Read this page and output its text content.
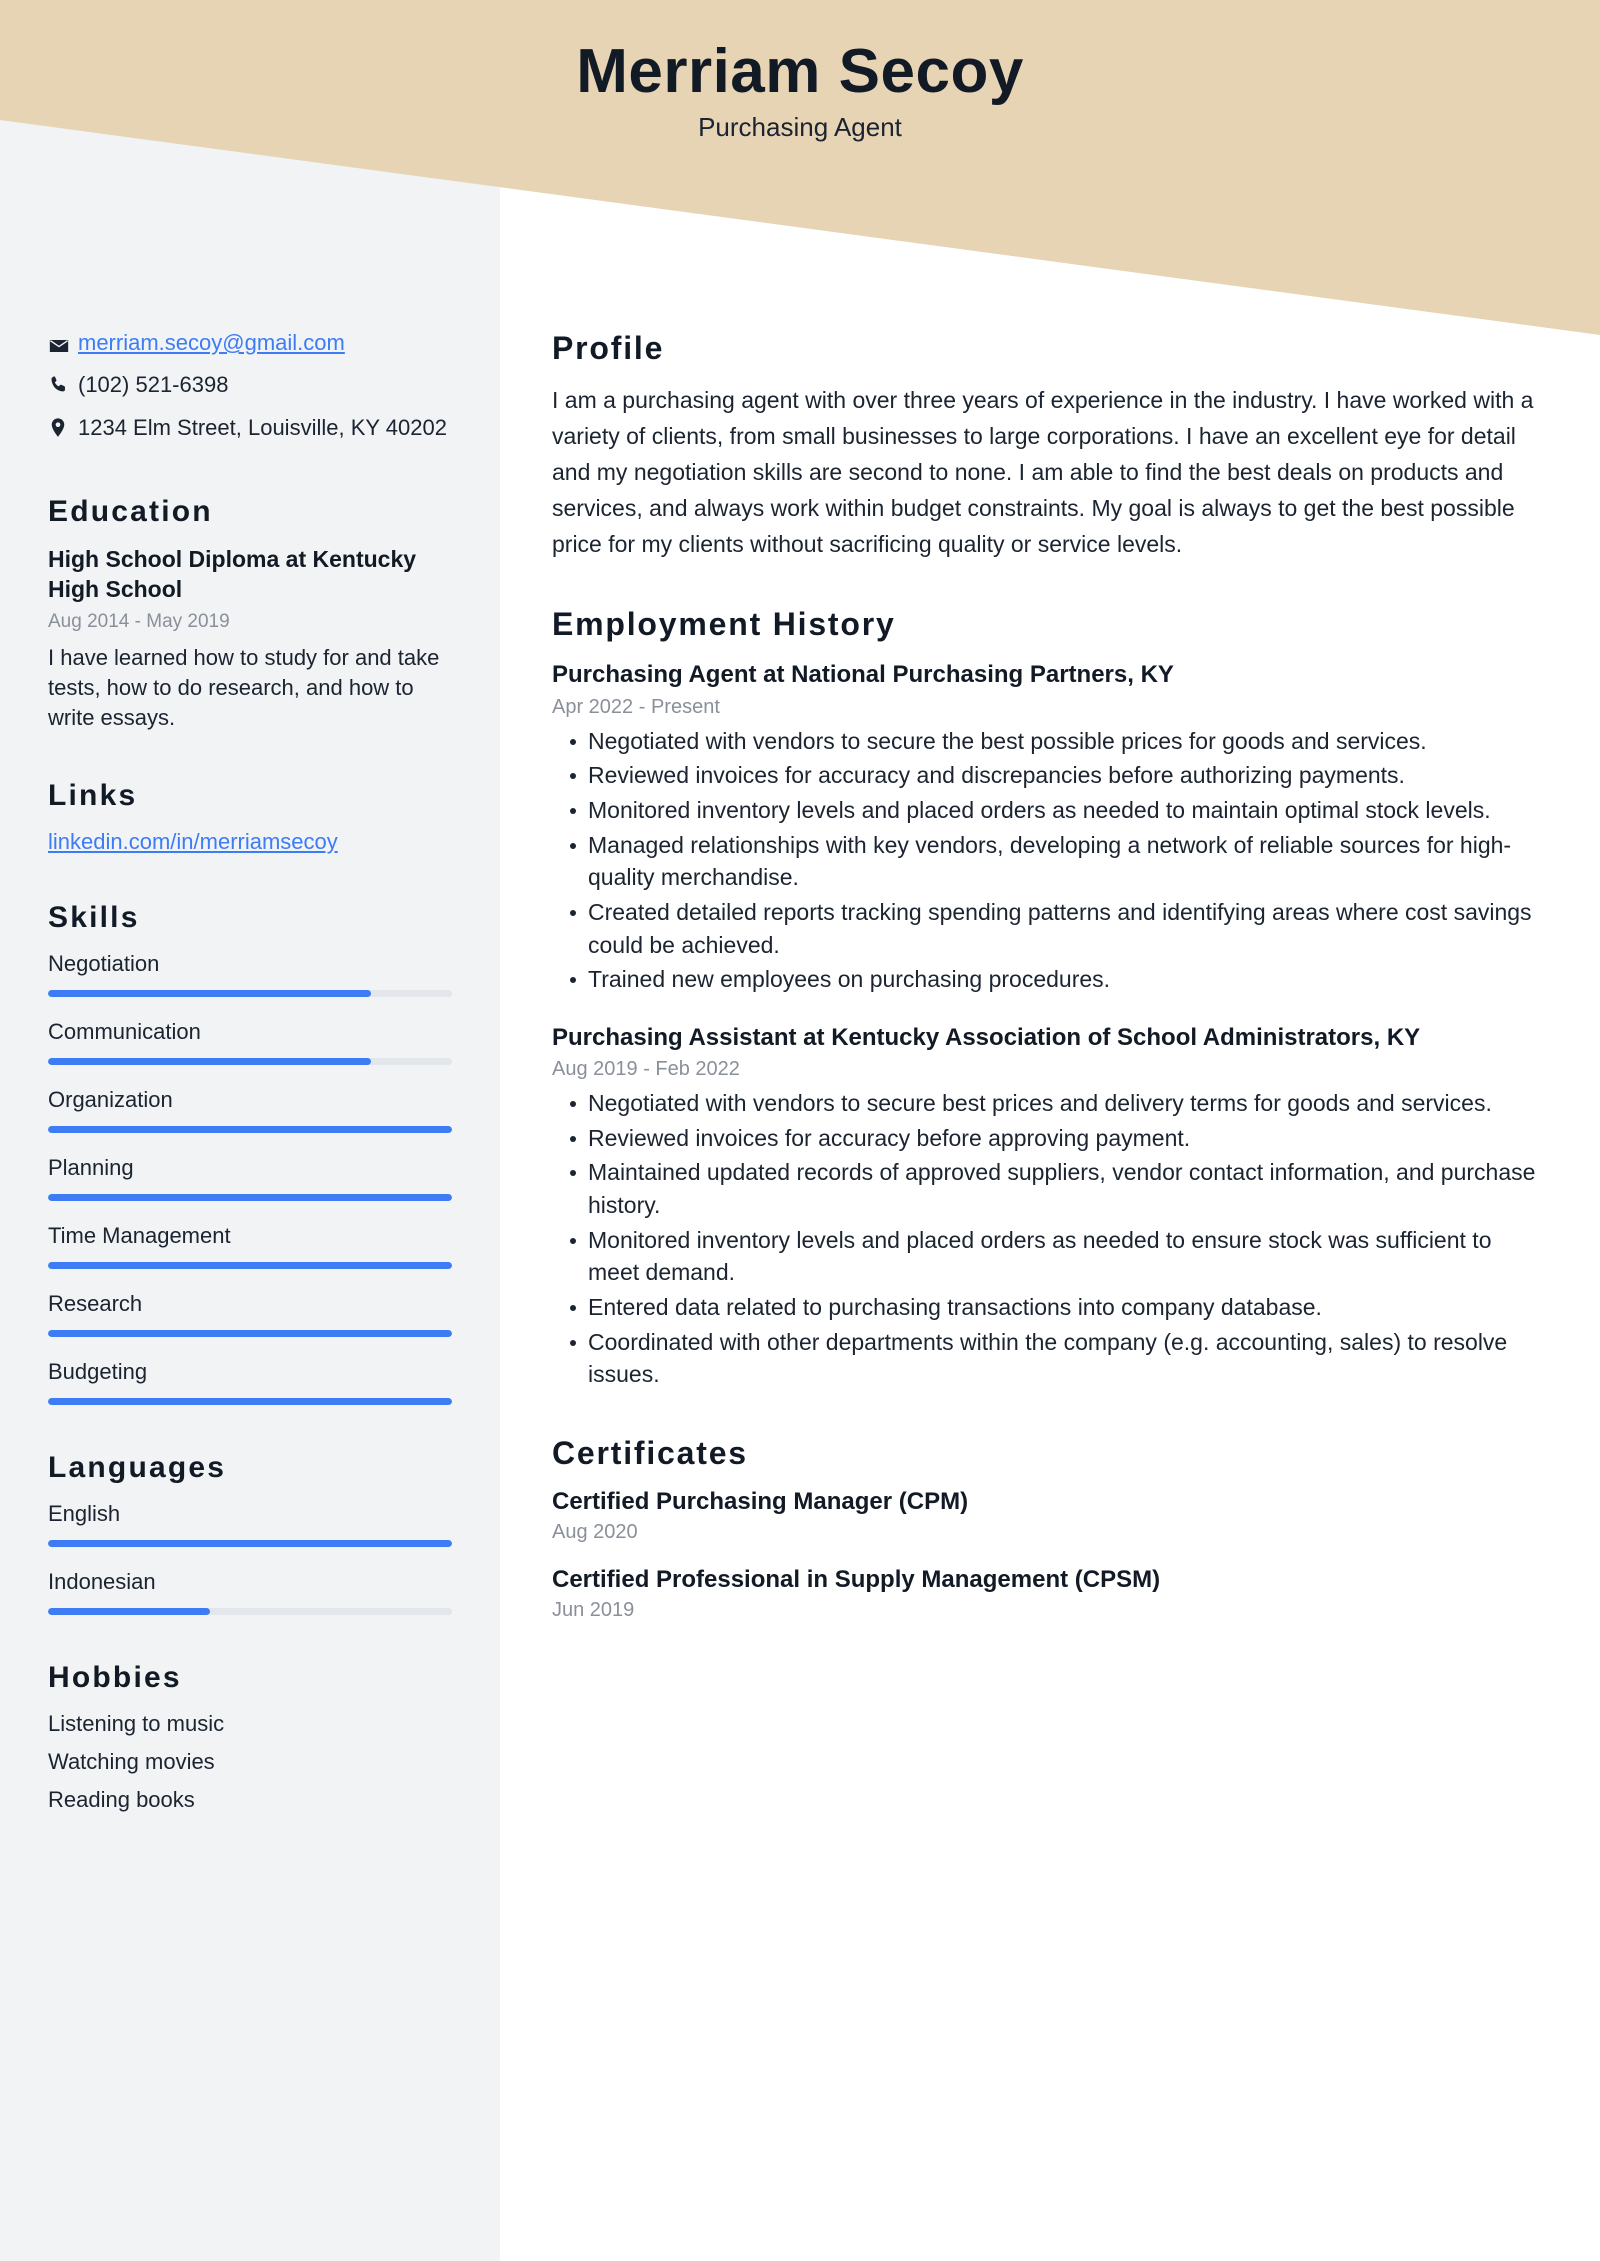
Merriam Secoy
Purchasing Agent
merriam.secoy@gmail.com
(102) 521-6398
1234 Elm Street, Louisville, KY 40202
Education
High School Diploma at Kentucky High School
Aug 2014 - May 2019
I have learned how to study for and take tests, how to do research, and how to write essays.
Links
linkedin.com/in/merriamsecoy
Skills
Negotiation
Communication
Organization
Planning
Time Management
Research
Budgeting
Languages
English
Indonesian
Hobbies
Listening to music
Watching movies
Reading books
Profile
I am a purchasing agent with over three years of experience in the industry. I have worked with a variety of clients, from small businesses to large corporations. I have an excellent eye for detail and my negotiation skills are second to none. I am able to find the best deals on products and services, and always work within budget constraints. My goal is always to get the best possible price for my clients without sacrificing quality or service levels.
Employment History
Purchasing Agent at National Purchasing Partners, KY
Apr 2022 - Present
Negotiated with vendors to secure the best possible prices for goods and services.
Reviewed invoices for accuracy and discrepancies before authorizing payments.
Monitored inventory levels and placed orders as needed to maintain optimal stock levels.
Managed relationships with key vendors, developing a network of reliable sources for high-quality merchandise.
Created detailed reports tracking spending patterns and identifying areas where cost savings could be achieved.
Trained new employees on purchasing procedures.
Purchasing Assistant at Kentucky Association of School Administrators, KY
Aug 2019 - Feb 2022
Negotiated with vendors to secure best prices and delivery terms for goods and services.
Reviewed invoices for accuracy before approving payment.
Maintained updated records of approved suppliers, vendor contact information, and purchase history.
Monitored inventory levels and placed orders as needed to ensure stock was sufficient to meet demand.
Entered data related to purchasing transactions into company database.
Coordinated with other departments within the company (e.g. accounting, sales) to resolve issues.
Certificates
Certified Purchasing Manager (CPM)
Aug 2020
Certified Professional in Supply Management (CPSM)
Jun 2019
